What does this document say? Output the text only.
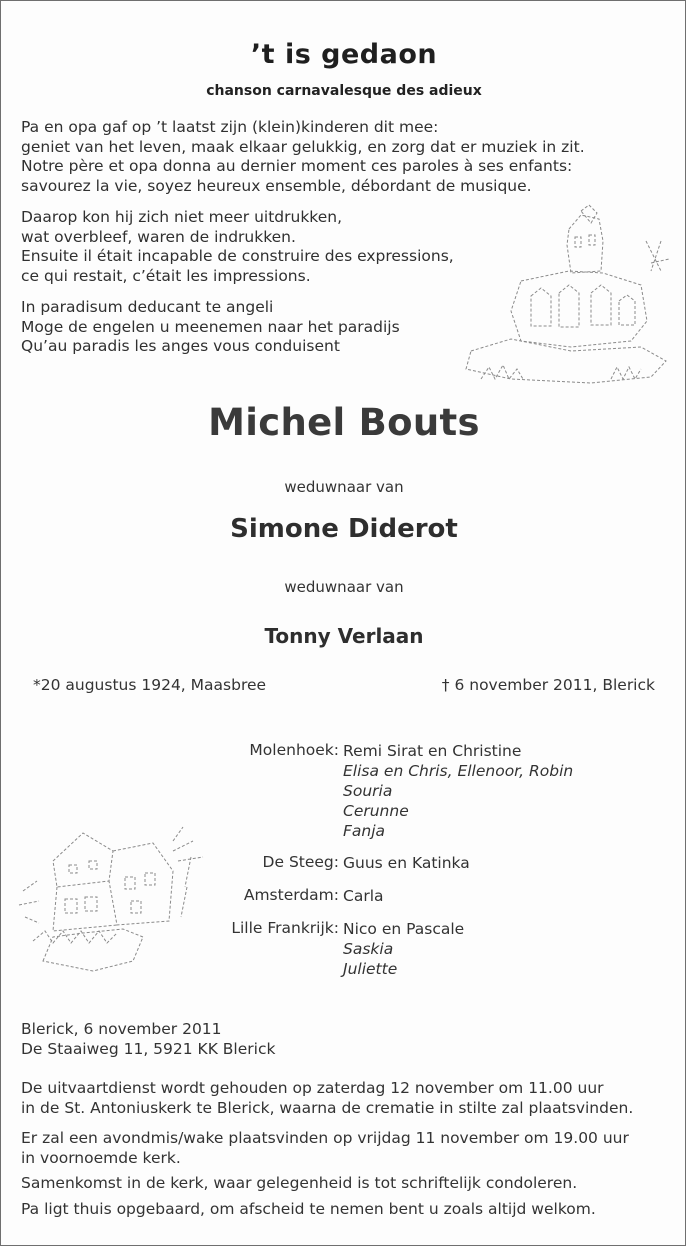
’t is gedaon
chanson carnavalesque des adieux
Pa en opa gaf op ’t laatst zijn (klein)kinderen dit mee:
geniet van het leven, maak elkaar gelukkig, en zorg dat er muziek in zit.
Notre père et opa donna au dernier moment ces paroles à ses enfants:
savourez la vie, soyez heureux ensemble, débordant de musique.
Daarop kon hij zich niet meer uitdrukken,
wat overbleef, waren de indrukken.
Ensuite il était incapable de construire des expressions,
ce qui restait, c’était les impressions.
In paradisum deducant te angeli
Moge de engelen u meenemen naar het paradijs
Qu’au paradis les anges vous conduisent
Michel Bouts
weduwnaar van
Simone Diderot
weduwnaar van
Tonny Verlaan
*20 augustus 1924, Maasbree	† 6 november 2011, Blerick
Molenhoek: Remi Sirat en Christine
Elisa en Chris, Ellenoor, Robin
Souria
Cerunne
Fanja
De Steeg: Guus en Katinka
Amsterdam: Carla
Lille Frankrijk: Nico en Pascale
Saskia
Juliette
Blerick, 6 november 2011
De Staaiweg 11, 5921 KK Blerick
De uitvaartdienst wordt gehouden op zaterdag 12 november om 11.00 uur
in de St. Antoniuskerk te Blerick, waarna de crematie in stilte zal plaatsvinden.
Er zal een avondmis/wake plaatsvinden op vrijdag 11 november om 19.00 uur
in voornoemde kerk.
Samenkomst in de kerk, waar gelegenheid is tot schriftelijk condoleren.
Pa ligt thuis opgebaard, om afscheid te nemen bent u zoals altijd welkom.
